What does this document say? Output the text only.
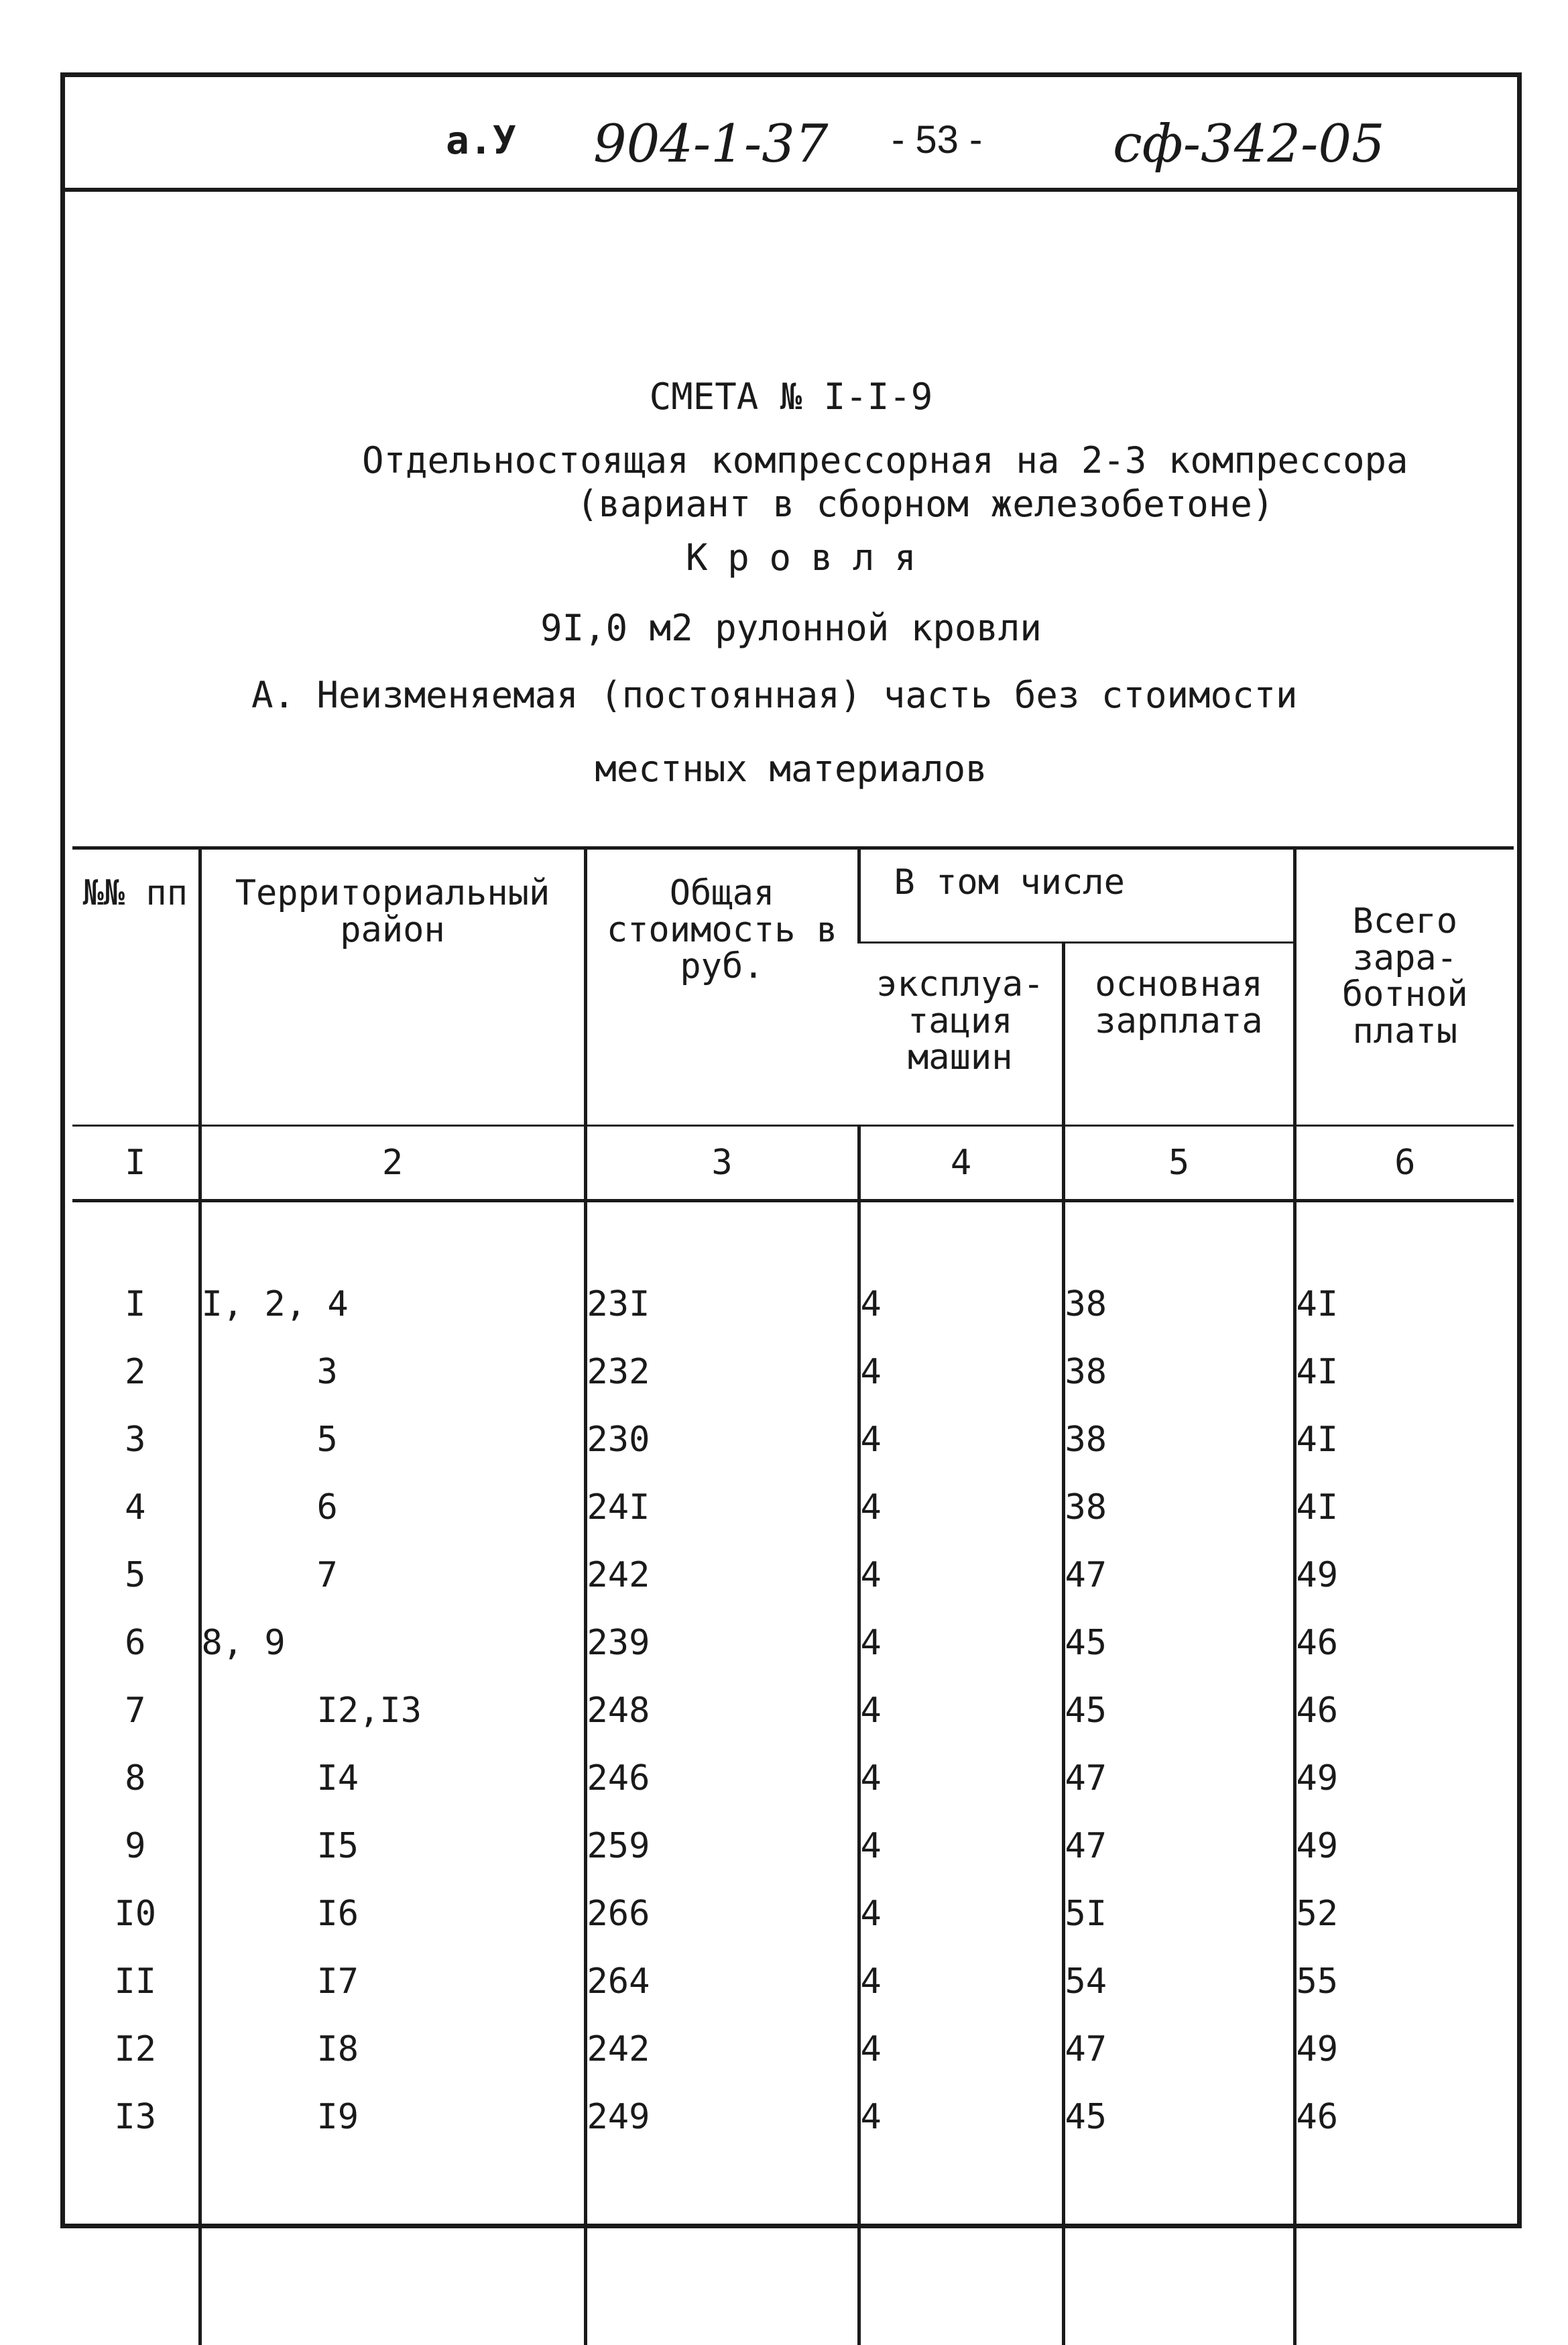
а.У 904-1-37 - 53 - сф-342-05
СМЕТА № I-I-9
Отдельностоящая компрессорная на 2-3 компрессора
(вариант в сборном железобетоне)
Кровля
9I,0 м2 рулонной кровли
А. Неизменяемая (постоянная) часть без стоимости
местных материалов
№№ пп	Территориальный район	Общая стоимость в руб.	В том числе		Всего зара- ботной платы
			эксплуа- тация машин	основная зарплата	
I	2	3	4	5	6

I	I, 2, 4	23I	4	38	4I
2	3	232	4	38	4I
3	5	230	4	38	4I
4	6	24I	4	38	4I
5	7	242	4	47	49
6	8, 9	239	4	45	46
7	I2,I3	248	4	45	46
8	I4	246	4	47	49
9	I5	259	4	47	49
I0	I6	266	4	5I	52
II	I7	264	4	54	55
I2	I8	242	4	47	49
I3	I9	249	4	45	46
